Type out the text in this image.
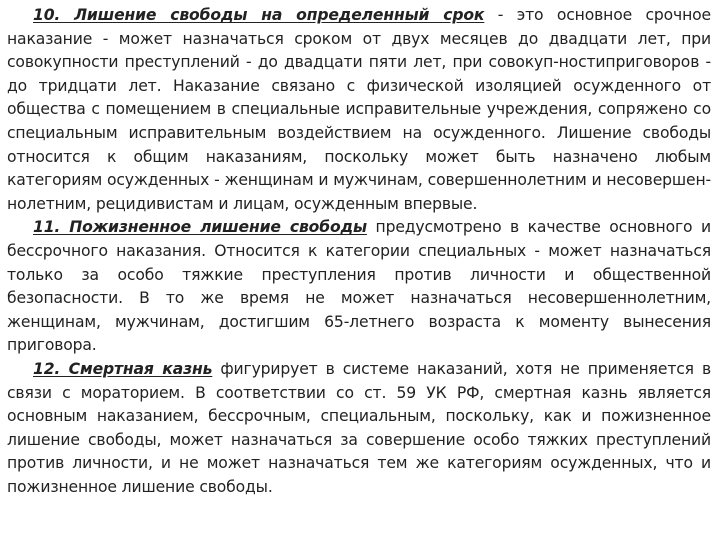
10. Лишение свободы на определенный срок - это основное срочное наказание - может назначаться сроком от двух месяцев до двадцати лет, при совокупности преступлений - до двадцати пяти лет, при совокуп-ностиприговоров - до тридцати лет. Наказание связано с физической изоляцией осужденного от общества с помещением в специальные исправительные учреждения, сопряжено со специальным исправительным воздействием на осужденного. Лишение свободы относится к общим наказаниям, поскольку может быть назначено любым категориям осужденных - женщинам и мужчинам, совершеннолетним и несовершен-нолетним, рецидивистам и лицам, осужденным впервые.

11. Пожизненное лишение свободы предусмотрено в качестве основного и бессрочного наказания. Относится к категории специальных - может назначаться только за особо тяжкие преступления против личности и общественной безопасности. В то же время не может назначаться несовершеннолетним, женщинам, мужчинам, достигшим 65-летнего возраста к моменту вынесения приговора.

12. Смертная казнь фигурирует в системе наказаний, хотя не применяется в связи с мораторием. В соответствии со ст. 59 УК РФ, смертная казнь является основным наказанием, бессрочным, специальным, поскольку, как и пожизненное лишение свободы, может назначаться за совершение особо тяжких преступлений против личности, и не может назначаться тем же категориям осужденных, что и пожизненное лишение свободы.
